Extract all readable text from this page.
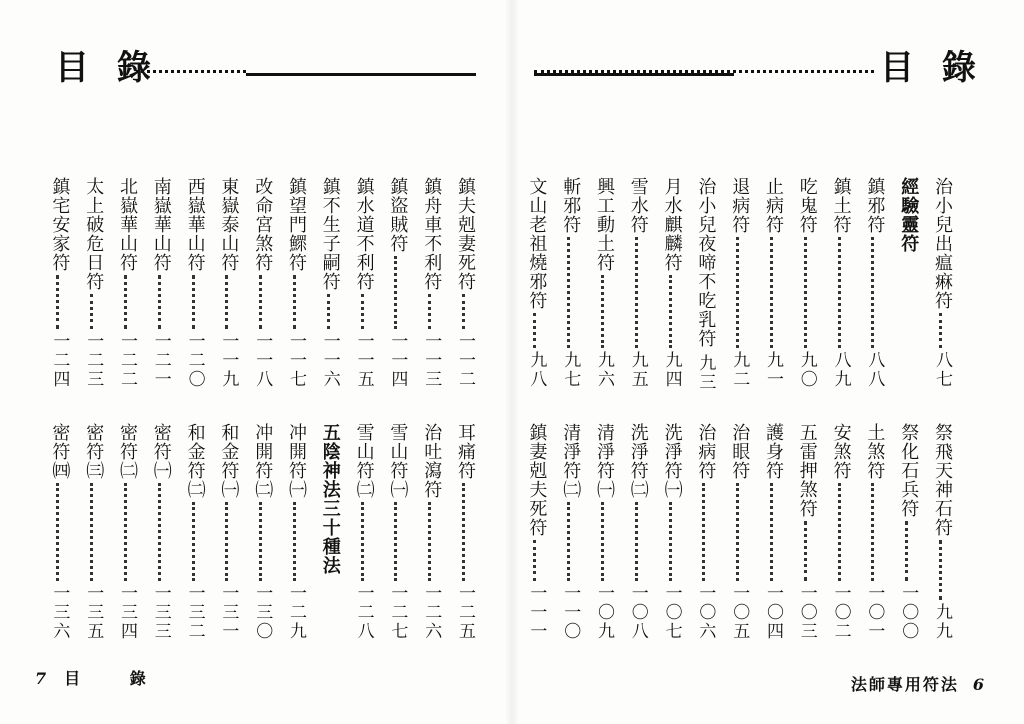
目 錄
鎮夫剋妻死符
一一二
鎮舟車不利符
一一三
鎮盜賊符
一一四
鎮水道不利符
一一五
鎮不生子嗣符
一一六
鎮望門鰥符
一一七
改命宮煞符
一一八
東嶽泰山符
一一九
西嶽華山符
一二〇
南嶽華山符
一二一
北嶽華山符
一二二
太上破危日符
一二三
鎮宅安家符
一二四
耳痛符
一二五
治吐瀉符
一二六
雪山符㈠
一二七
雪山符㈡
一二八
五陰神法三十種法
冲開符㈠
一二九
冲開符㈡
一三〇
和金符㈠
一三一
和金符㈡
一三二
密符㈠
一三三
密符㈡
一三四
密符㈢
一三五
密符㈣
一三六
7 目 錄
目 錄
治小兒出瘟痳符
八七
經驗靈符
鎮邪符
八八
鎮土符
八九
吃鬼符
九〇
止病符
九一
退病符
九二
治小兒夜啼不吃乳符
九三
月水麒麟符
九四
雪水符
九五
興工動土符
九六
斬邪符
九七
文山老祖燒邪符
九八
祭飛天神石符
九九
祭化石兵符
一〇〇
土煞符
一〇一
安煞符
一〇二
五雷押煞符
一〇三
護身符
一〇四
治眼符
一〇五
治病符
一〇六
洗淨符㈠
一〇七
洗淨符㈡
一〇八
清淨符㈠
一〇九
清淨符㈡
一一〇
鎮妻剋夫死符
一一一
法師專用符法 6
